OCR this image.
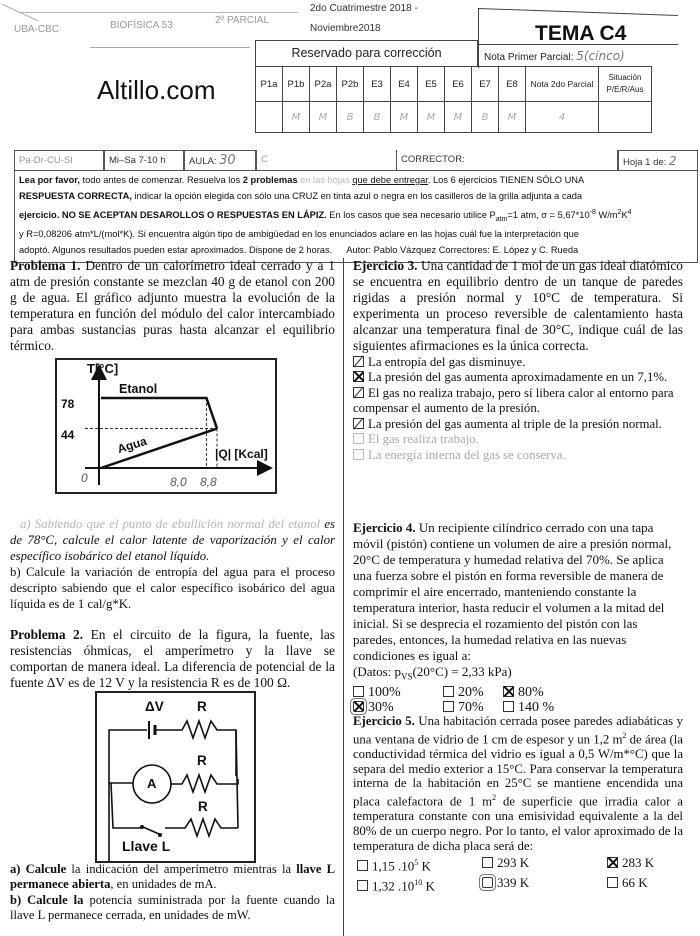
UBA-CBC	BIOFÍSICA 53	2º PARCIAL
2do Cuatrimestre 2018 -
Noviembre2018	TEMA C4
Reservado para corrección	Nota Primer Parcial: 5(cinco)
Altillo.com	P1a	P1b	P2a	P2b	E3	E4	E5	E6	E7	E8	Nota 2do Parcial	Situación P/E/R/Aus
	M	M	B	B	M	M	M	B	M	4	
Pa-Dr-CU-SI	Mi–Sa 7-10 h	AULA: 30	C	CORRECTOR:	Hoja 1 de: 2
Lea por favor, todo antes de comenzar. Resuelva los 2 problemas en las hojas que debe entregar. Los 6 ejercicios TIENEN SÓLO UNA
RESPUESTA CORRECTA, indicar la opción elegida con sólo una CRUZ en tinta azul o negra en los casilleros de la grilla adjunta a cada
ejercicio. NO SE ACEPTAN DESAROLLOS O RESPUESTAS EN LÁPIZ. En los casos que sea necesario utilice $P_{atm}=1$ atm, $\sigma = 5,67*10^{-8}$ $W/m^2K^4$
y R=0,08206 atm*L/(mol*K). Si encuentra algún tipo de ambigüedad en los enunciados aclare en las hojas cuál fue la interpretación que
adoptó. Algunos resultados pueden estar aproximados. Dispone de 2 horas. Autor: Pablo Vázquez Correctores: E. López y C. Rueda

Problema 1. Dentro de un calorímetro ideal cerrado y a 1 atm de presión constante se mezclan 40 g de etanol con 200 g de agua. El gráfico adjunto muestra la evolución de la temperatura en función del módulo del calor intercambiado para ambas sustancias puras hasta alcanzar el equilibrio térmico.

T[°C]
|Q| [Kcal]
78
44
0	8,0 8,8
Etanol
Agua

a) Sabiendo que el punto de ebullición normal del etanol es de 78°C, calcule el calor latente de vaporización y el calor específico isobárico del etanol líquido.

b) Calcule la variación de entropía del agua para el proceso descripto sabiendo que el calor específico isobárico del agua líquida es de 1 cal/g*K.

Problema 2. En el circuito de la figura, la fuente, las resistencias óhmicas, el amperímetro y la llave se comportan de manera ideal. La diferencia de potencial de la fuente ΔV es de 12 V y la resistencia R es de 100 Ω.

ΔV R
R
R
A
Llave L

a) Calcule la indicación del amperímetro mientras la llave L permanece abierta, en unidades de mA.

b) Calcule la potencia suministrada por la fuente cuando la llave L permanece cerrada, en unidades de mW.

Ejercicio 3. Una cantidad de 1 mol de un gas ideal diatómico se encuentra en equilibrio dentro de un tanque de paredes rigidas a presión normal y 10°C de temperatura. Si experimenta un proceso reversible de calentamiento hasta alcanzar una temperatura final de 30°C, indique cuál de las siguientes afirmaciones es la única correcta.

La entropía del gas disminuye.
La presión del gas aumenta aproximadamente en un 7,1%.
El gas no realiza trabajo, pero sí libera calor al entorno para compensar el aumento de la presión.
La presión del gas aumenta al triple de la presión normal.
El gas realiza trabajo.
La energía interna del gas se conserva.

Ejercicio 4. Un recipiente cilíndrico cerrado con una tapa móvil (pistón) contiene un volumen de aire a presión normal, 20°C de temperatura y humedad relativa del 70%. Se aplica una fuerza sobre el pistón en forma reversible de manera de comprimir el aire encerrado, manteniendo constante la temperatura interior, hasta reducir el volumen a la mitad del inicial. Si se desprecia el rozamiento del pistón con las paredes, entonces, la humedad relativa en las nuevas condiciones es igual a:

(Datos: $p_{VS}(20^\circ C) = 2,33$ kPa)

100%	20%	80%
30%	70%	140 %

Ejercicio 5. Una habitación cerrada posee paredes adiabáticas y una ventana de vidrio de 1 cm de espesor y un 1,2 $m^2$ de área (la conductividad térmica del vidrio es igual a 0,5 W/m*°C) que la separa del medio exterior a 15°C. Para conservar la temperatura interna de la habitación en 25°C se mantiene encendida una placa calefactora de 1 $m^2$ de superficie que irradia calor a temperatura constante con una emisividad equivalente a la del 80% de un cuerpo negro. Por lo tanto, el valor aproximado de la temperatura de dicha placa será de:

1,15 $.10^5$ K	293 K	283 K
1,32 $.10^{10}$ K	339 K	66 K
